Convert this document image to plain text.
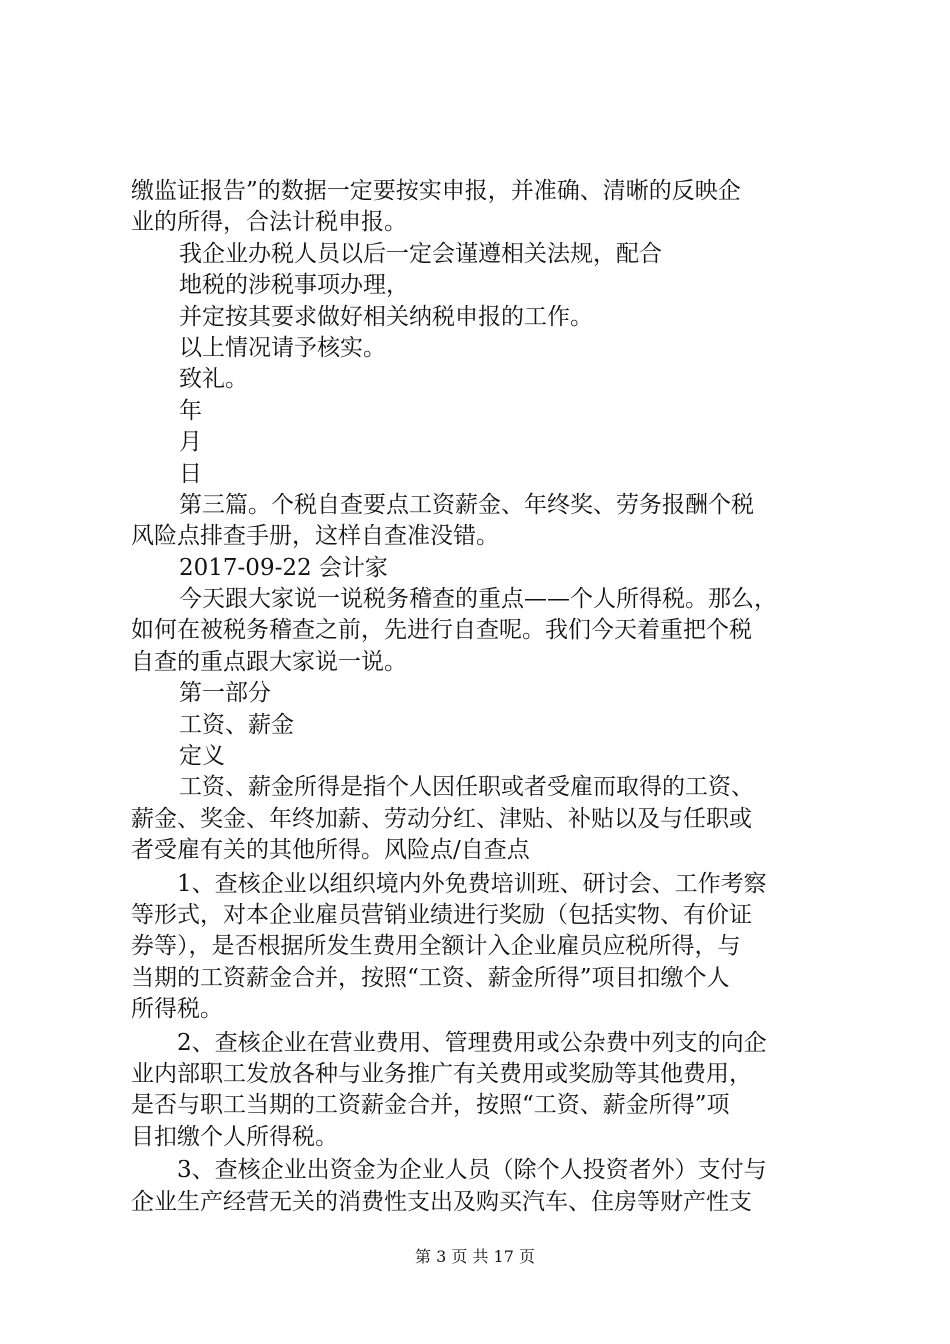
缴监证报告”的数据一定要按实申报，并准确、清晰的反映企
业的所得，合法计税申报。
我企业办税人员以后一定会谨遵相关法规，配合
地税的涉税事项办理，
并定按其要求做好相关纳税申报的工作。
以上情况请予核实。
致礼。
年
月
日
第三篇。个税自查要点工资薪金、年终奖、劳务报酬个税
风险点排查手册，这样自查准没错。
2017-09-22 会计家
今天跟大家说一说税务稽查的重点——个人所得税。那么，
如何在被税务稽查之前，先进行自查呢。我们今天着重把个税
自查的重点跟大家说一说。
第一部分
工资、薪金
定义
工资、薪金所得是指个人因任职或者受雇而取得的工资、
薪金、奖金、年终加薪、劳动分红、津贴、补贴以及与任职或
者受雇有关的其他所得。风险点/自查点
1、查核企业以组织境内外免费培训班、研讨会、工作考察
等形式，对本企业雇员营销业绩进行奖励（包括实物、有价证
券等），是否根据所发生费用全额计入企业雇员应税所得，与
当期的工资薪金合并，按照“工资、薪金所得”项目扣缴个人
所得税。
2、查核企业在营业费用、管理费用或公杂费中列支的向企
业内部职工发放各种与业务推广有关费用或奖励等其他费用，
是否与职工当期的工资薪金合并，按照“工资、薪金所得”项
目扣缴个人所得税。
3、查核企业出资金为企业人员（除个人投资者外）支付与
企业生产经营无关的消费性支出及购买汽车、住房等财产性支
第 3 页 共 17 页
